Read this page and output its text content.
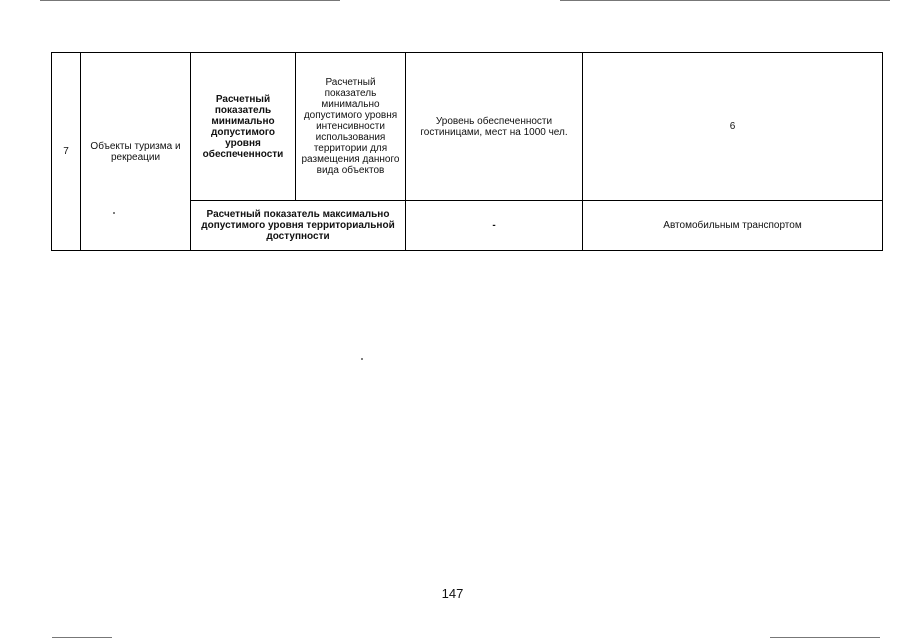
7	Объекты туризма и рекреации	Расчетный показатель минимально допустимого уровня обеспеченности	Расчетный показатель минимально допустимого уровня интенсивности использования территории для размещения данного вида объектов	Уровень обеспеченности гостиницами, мест на 1000 чел.	6
		Расчетный показатель максимально допустимого уровня территориальной доступности		-	Автомобильным транспортом
147
